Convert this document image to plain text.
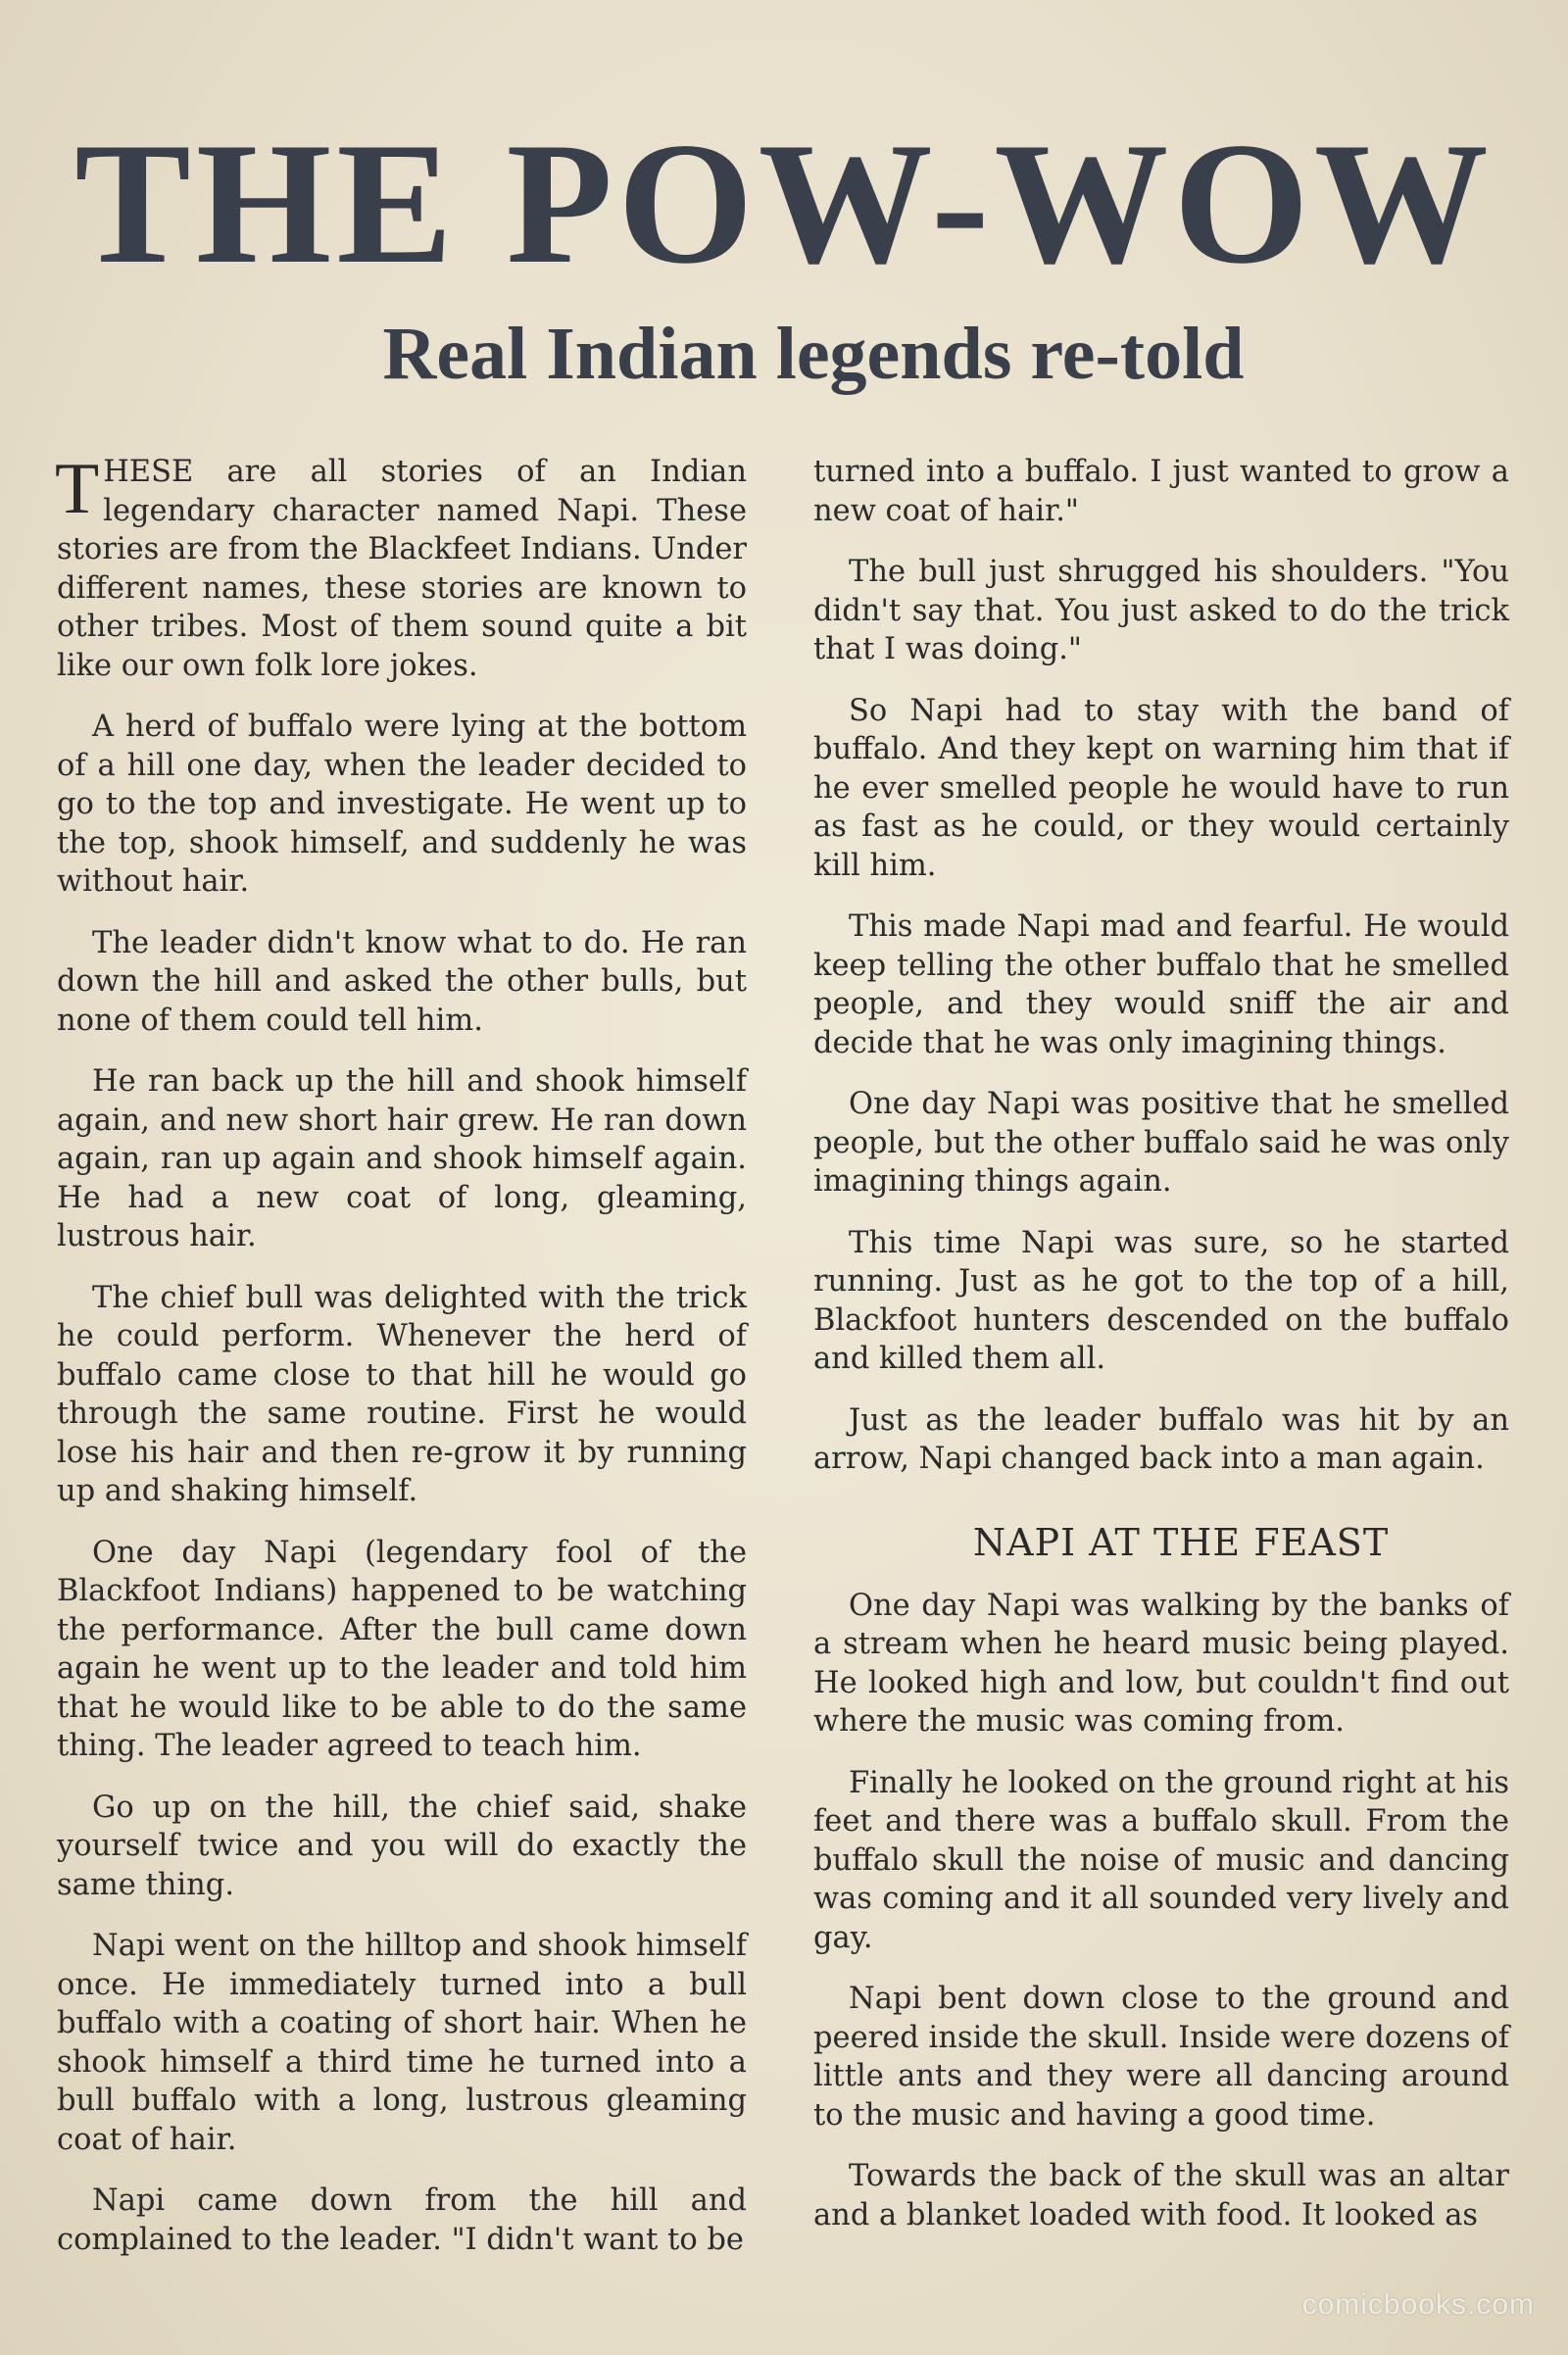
THE POW-WOW
Real Indian legends re-told

THESE are all stories of an Indian legendary character named Napi. These stories are from the Blackfeet Indians. Under different names, these stories are known to other tribes. Most of them sound quite a bit like our own folk lore jokes.

A herd of buffalo were lying at the bottom of a hill one day, when the leader decided to go to the top and investigate. He went up to the top, shook himself, and suddenly he was without hair.

The leader didn't know what to do. He ran down the hill and asked the other bulls, but none of them could tell him.

He ran back up the hill and shook himself again, and new short hair grew. He ran down again, ran up again and shook himself again. He had a new coat of long, gleaming, lustrous hair.

The chief bull was delighted with the trick he could perform. Whenever the herd of buffalo came close to that hill he would go through the same routine. First he would lose his hair and then re-grow it by running up and shaking himself.

One day Napi (legendary fool of the Blackfoot Indians) happened to be watching the performance. After the bull came down again he went up to the leader and told him that he would like to be able to do the same thing. The leader agreed to teach him.

Go up on the hill, the chief said, shake yourself twice and you will do exactly the same thing.

Napi went on the hilltop and shook himself once. He immediately turned into a bull buffalo with a coating of short hair. When he shook himself a third time he turned into a bull buffalo with a long, lustrous gleaming coat of hair.

Napi came down from the hill and complained to the leader. "I didn't want to be

turned into a buffalo. I just wanted to grow a new coat of hair."

The bull just shrugged his shoulders. "You didn't say that. You just asked to do the trick that I was doing."

So Napi had to stay with the band of buffalo. And they kept on warning him that if he ever smelled people he would have to run as fast as he could, or they would certainly kill him.

This made Napi mad and fearful. He would keep telling the other buffalo that he smelled people, and they would sniff the air and decide that he was only imagining things.

One day Napi was positive that he smelled people, but the other buffalo said he was only imagining things again.

This time Napi was sure, so he started running. Just as he got to the top of a hill, Blackfoot hunters descended on the buffalo and killed them all.

Just as the leader buffalo was hit by an arrow, Napi changed back into a man again.

NAPI AT THE FEAST

One day Napi was walking by the banks of a stream when he heard music being played. He looked high and low, but couldn't find out where the music was coming from.

Finally he looked on the ground right at his feet and there was a buffalo skull. From the buffalo skull the noise of music and dancing was coming and it all sounded very lively and gay.

Napi bent down close to the ground and peered inside the skull. Inside were dozens of little ants and they were all dancing around to the music and having a good time.

Towards the back of the skull was an altar and a blanket loaded with food. It looked as

comicbooks.com
